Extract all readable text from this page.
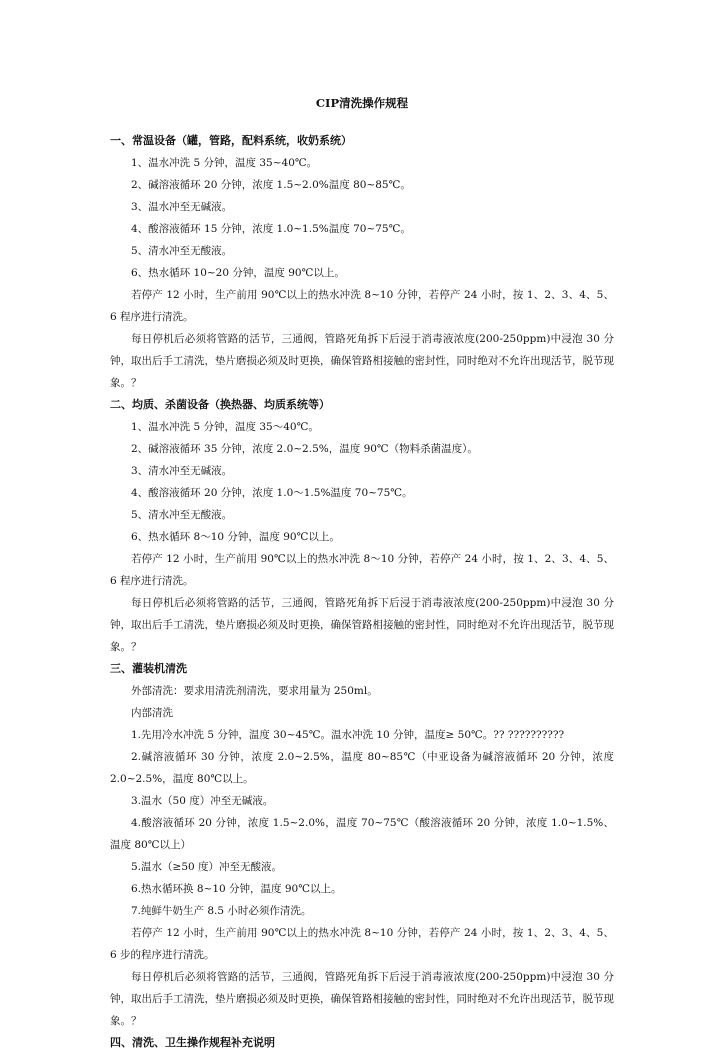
CIP清洗操作规程

一、常温设备（罐，管路，配料系统，收奶系统）

1、温水冲洗 5 分钟，温度 35~40℃。

2、碱溶液循环 20 分钟，浓度 1.5~2.0%温度 80~85℃。

3、温水冲至无碱液。

4、酸溶液循环 15 分钟，浓度 1.0~1.5%温度 70~75℃。

5、清水冲至无酸液。

6、热水循环 10~20 分钟，温度 90℃以上。

若停产 12 小时，生产前用 90℃以上的热水冲洗 8~10 分钟，若停产 24 小时，按 1、2、3、4、5、6 程序进行清洗。

每日停机后必须将管路的活节，三通阀，管路死角拆下后浸于消毒液浓度(200-250ppm)中浸泡 30 分钟，取出后手工清洗，垫片磨损必须及时更换，确保管路相接触的密封性，同时绝对不允许出现活节，脱节现象。？

二、均质、杀菌设备（换热器、均质系统等）

1、温水冲洗 5 分钟，温度 35～40℃。

2、碱溶液循环 35 分钟，浓度 2.0~2.5%，温度 90℃（物料杀菌温度）。

3、清水冲至无碱液。

4、酸溶液循环 20 分钟，浓度 1.0～1.5%温度 70~75℃。

5、清水冲至无酸液。

6、热水循环 8～10 分钟，温度 90℃以上。

若停产 12 小时，生产前用 90℃以上的热水冲洗 8～10 分钟，若停产 24 小时，按 1、2、3、4、5、6 程序进行清洗。

每日停机后必须将管路的活节，三通阀，管路死角拆下后浸于消毒液浓度(200-250ppm)中浸泡 30 分钟，取出后手工清洗，垫片磨损必须及时更换，确保管路相接触的密封性，同时绝对不允许出现活节，脱节现象。？

三、灌装机清洗

外部清洗：要求用清洗剂清洗，要求用量为 250ml。

内部清洗

1.先用冷水冲洗 5 分钟，温度 30~45℃。温水冲洗 10 分钟，温度≥ 50℃。?? ??????????

2.碱溶液循环 30 分钟，浓度 2.0~2.5%，温度 80~85℃（中亚设备为碱溶液循环 20 分钟，浓度 2.0~2.5%，温度 80℃以上。

3.温水（50 度）冲至无碱液。

4.酸溶液循环 20 分钟，浓度 1.5~2.0%，温度 70~75℃（酸溶液循环 20 分钟，浓度 1.0~1.5%、温度 80℃以上）

5.温水（≥50 度）冲至无酸液。

6.热水循环换 8~10 分钟，温度 90℃以上。

7.纯鲜牛奶生产 8.5 小时必须作清洗。

若停产 12 小时，生产前用 90℃以上的热水冲洗 8~10 分钟，若停产 24 小时，按 1、2、3、4、5、6 步的程序进行清洗。

每日停机后必须将管路的活节，三通阀，管路死角拆下后浸于消毒液浓度(200-250ppm)中浸泡 30 分钟，取出后手工清洗，垫片磨损必须及时更换，确保管路相接触的密封性，同时绝对不允许出现活节，脱节现象。？

四、清洗、卫生操作规程补充说明
